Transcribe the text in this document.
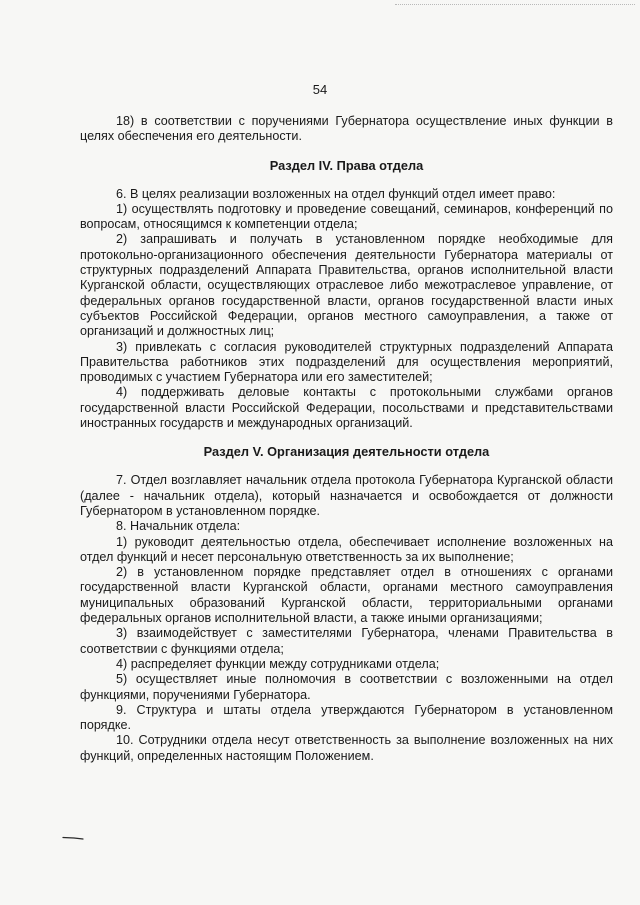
54

18) в соответствии с поручениями Губернатора осуществление иных функции в целях обеспечения его деятельности.

Раздел IV. Права отдела

6. В целях реализации возложенных на отдел функций отдел имеет право:

1) осуществлять подготовку и проведение совещаний, семинаров, конференций по вопросам, относящимся к компетенции отдела;

2) запрашивать и получать в установленном порядке необходимые для протокольно-организационного обеспечения деятельности Губернатора материалы от структурных подразделений Аппарата Правительства, органов исполнительной власти Курганской области, осуществляющих отраслевое либо межотраслевое управление, от федеральных органов государственной власти, органов государственной власти иных субъектов Российской Федерации, органов местного самоуправления, а также от организаций и должностных лиц;

3) привлекать с согласия руководителей структурных подразделений Аппарата Правительства работников этих подразделений для осуществления мероприятий, проводимых с участием Губернатора или его заместителей;

4) поддерживать деловые контакты с протокольными службами органов государственной власти Российской Федерации, посольствами и представительствами иностранных государств и международных организаций.

Раздел V. Организация деятельности отдела

7. Отдел возглавляет начальник отдела протокола Губернатора Курганской области (далее - начальник отдела), который назначается и освобождается от должности Губернатором в установленном порядке.

8. Начальник отдела:

1) руководит деятельностью отдела, обеспечивает исполнение возложенных на отдел функций и несет персональную ответственность за их выполнение;

2) в установленном порядке представляет отдел в отношениях с органами государственной власти Курганской области, органами местного самоуправления муниципальных образований Курганской области, территориальными органами федеральных органов исполнительной власти, а также иными организациями;

3) взаимодействует с заместителями Губернатора, членами Правительства в соответствии с функциями отдела;

4) распределяет функции между сотрудниками отдела;

5) осуществляет иные полномочия в соответствии с возложенными на отдел функциями, поручениями Губернатора.

9. Структура и штаты отдела утверждаются Губернатором в установленном порядке.

10. Сотрудники отдела несут ответственность за выполнение возложенных на них функций, определенных настоящим Положением.
